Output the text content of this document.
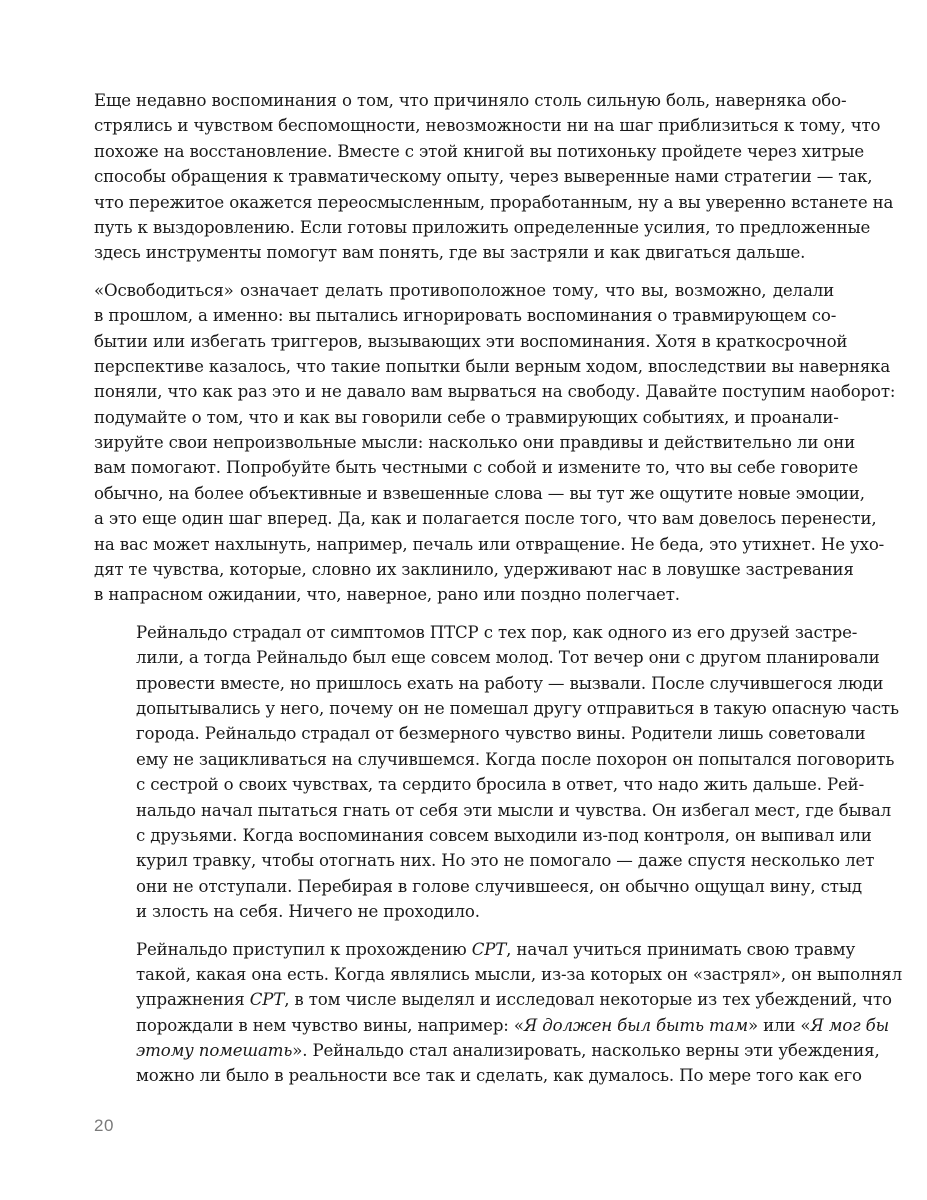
Еще недавно воспоминания о том, что причиняло столь сильную боль, наверняка обо-
стрялись и чувством беспомощности, невозможности ни на шаг приблизиться к тому, что
похоже на восстановление. Вместе с этой книгой вы потихоньку пройдете через хитрые
способы обращения к травматическому опыту, через выверенные нами стратегии — так,
что пережитое окажется переосмысленным, проработанным, ну а вы уверенно встанете на
путь к выздоровлению. Если готовы приложить определенные усилия, то предложенные
здесь инструменты помогут вам понять, где вы застряли и как двигаться дальше.
«Освободиться» означает делать противоположное тому, что вы, возможно, делали
в прошлом, а именно: вы пытались игнорировать воспоминания о травмирующем со-
бытии или избегать триггеров, вызывающих эти воспоминания. Хотя в краткосрочной
перспективе казалось, что такие попытки были верным ходом, впоследствии вы наверняка
поняли, что как раз это и не давало вам вырваться на свободу. Давайте поступим наоборот:
подумайте о том, что и как вы говорили себе о травмирующих событиях, и проанали-
зируйте свои непроизвольные мысли: насколько они правдивы и действительно ли они
вам помогают. Попробуйте быть честными с собой и измените то, что вы себе говорите
обычно, на более объективные и взвешенные слова — вы тут же ощутите новые эмоции,
а это еще один шаг вперед. Да, как и полагается после того, что вам довелось перенести,
на вас может нахлынуть, например, печаль или отвращение. Не беда, это утихнет. Не ухо-
дят те чувства, которые, словно их заклинило, удерживают нас в ловушке застревания
в напрасном ожидании, что, наверное, рано или поздно полегчает.
Рейнальдо страдал от симптомов ПТСР с тех пор, как одного из его друзей застре-
лили, а тогда Рейнальдо был еще совсем молод. Тот вечер они с другом планировали
провести вместе, но пришлось ехать на работу — вызвали. После случившегося люди
допытывались у него, почему он не помешал другу отправиться в такую опасную часть
города. Рейнальдо страдал от безмерного чувство вины. Родители лишь советовали
ему не зацикливаться на случившемся. Когда после похорон он попытался поговорить
с сестрой о своих чувствах, та сердито бросила в ответ, что надо жить дальше. Рей-
нальдо начал пытаться гнать от себя эти мысли и чувства. Он избегал мест, где бывал
с друзьями. Когда воспоминания совсем выходили из-под контроля, он выпивал или
курил травку, чтобы отогнать них. Но это не помогало — даже спустя несколько лет
они не отступали. Перебирая в голове случившееся, он обычно ощущал вину, стыд
и злость на себя. Ничего не проходило.
Рейнальдо приступил к прохождению CPT, начал учиться принимать свою травму
такой, какая она есть. Когда являлись мысли, из-за которых он «застрял», он выполнял
упражнения CPT, в том числе выделял и исследовал некоторые из тех убеждений, что
порождали в нем чувство вины, например: «Я должен был быть там» или «Я мог бы
этому помешать». Рейнальдо стал анализировать, насколько верны эти убеждения,
можно ли было в реальности все так и сделать, как думалось. По мере того как его
20
